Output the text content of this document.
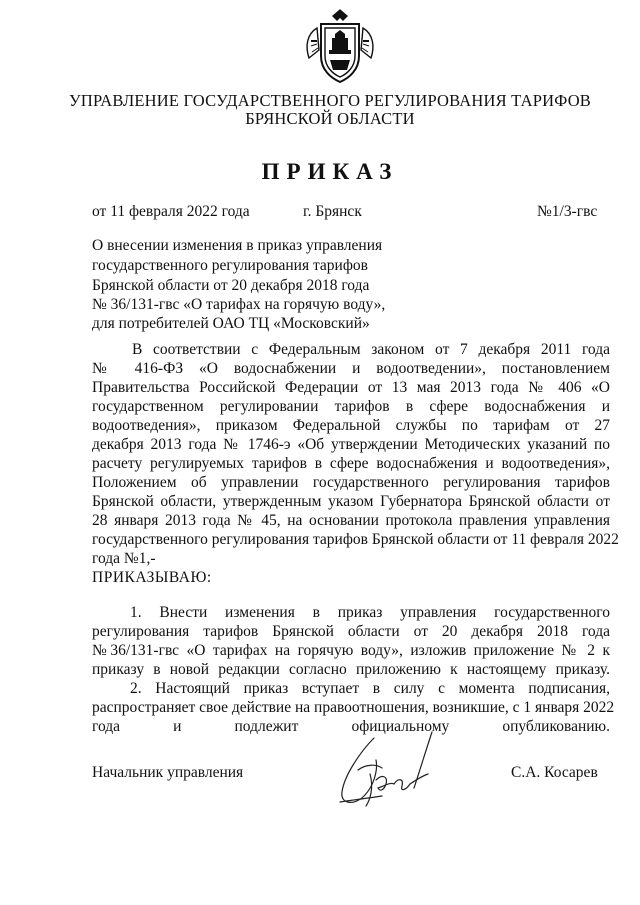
УПРАВЛЕНИЕ ГОСУДАРСТВЕННОГО РЕГУЛИРОВАНИЯ ТАРИФОВ
БРЯНСКОЙ ОБЛАСТИ
ПРИКАЗ
от 11 февраля 2022 года	г. Брянск	№1/3-гвс
О внесении изменения в приказ управления
государственного регулирования тарифов
Брянской области от 20 декабря 2018 года
№ 36/131-гвс «О тарифах на горячую воду»,
для потребителей ОАО ТЦ «Московский»
В соответствии с Федеральным законом от 7 декабря 2011 года
№ 416-ФЗ «О водоснабжении и водоотведении», постановлением
Правительства Российской Федерации от 13 мая 2013 года № 406 «О
государственном регулировании тарифов в сфере водоснабжения и
водоотведения», приказом Федеральной службы по тарифам от 27
декабря 2013 года № 1746-э «Об утверждении Методических указаний по
расчету регулируемых тарифов в сфере водоснабжения и водоотведения»,
Положением об управлении государственного регулирования тарифов
Брянской области, утвержденным указом Губернатора Брянской области от
28 января 2013 года № 45, на основании протокола правления управления
государственного регулирования тарифов Брянской области от 11 февраля 2022
года №1,-
ПРИКАЗЫВАЮ:
1. Внести изменения в приказ управления государственного
регулирования тарифов Брянской области от 20 декабря 2018 года
№36/131-гвс «О тарифах на горячую воду», изложив приложение № 2 к
приказу в новой редакции согласно приложению к настоящему приказу.
2. Настоящий приказ вступает в силу с момента подписания,
распространяет свое действие на правоотношения, возникшие, с 1 января 2022
года и подлежит официальному опубликованию.
Начальник управления	С.А. Косарев
